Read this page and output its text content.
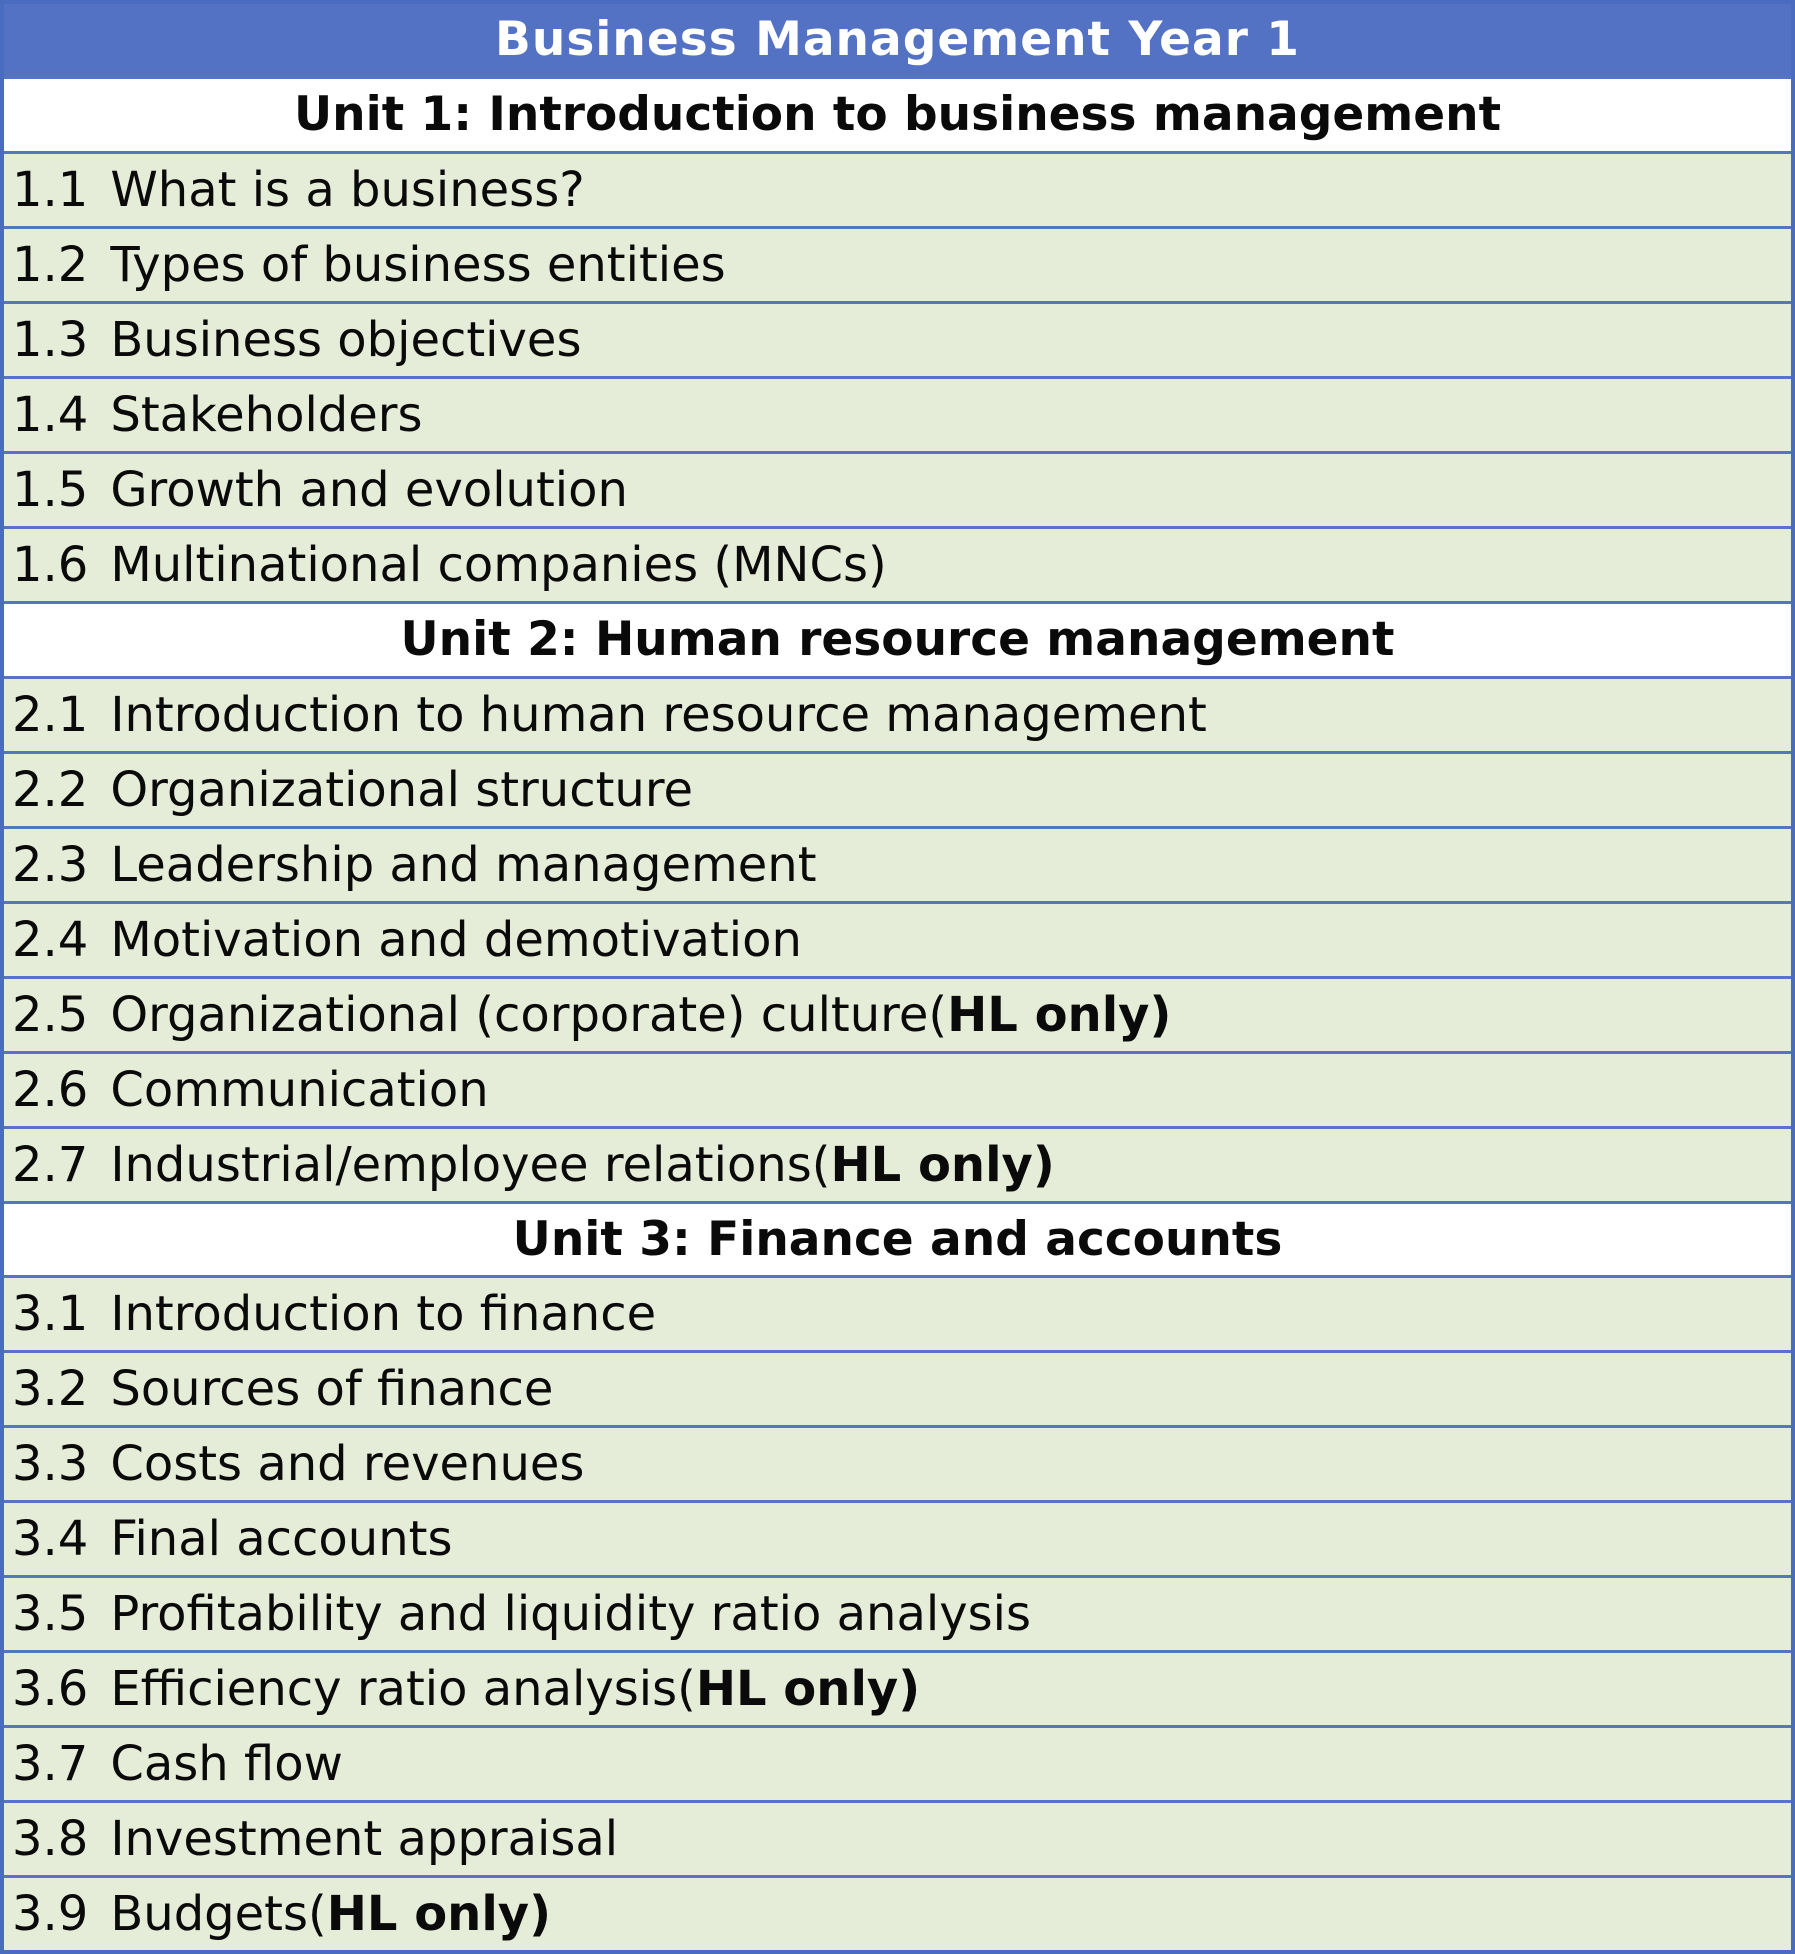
Business Management Year 1
Unit 1: Introduction to business management
1.1 What is a business?
1.2 Types of business entities
1.3 Business objectives
1.4 Stakeholders
1.5 Growth and evolution
1.6 Multinational companies (MNCs)
Unit 2: Human resource management
2.1 Introduction to human resource management
2.2 Organizational structure
2.3 Leadership and management
2.4 Motivation and demotivation
2.5 Organizational (corporate) culture ( HL only )
2.6 Communication
2.7 Industrial/employee relations ( HL only )
Unit 3: Finance and accounts
3.1 Introduction to finance
3.2 Sources of finance
3.3 Costs and revenues
3.4 Final accounts
3.5 Profitability and liquidity ratio analysis
3.6 Efficiency ratio analysis ( HL only )
3.7 Cash flow
3.8 Investment appraisal
3.9 Budgets ( HL only )
